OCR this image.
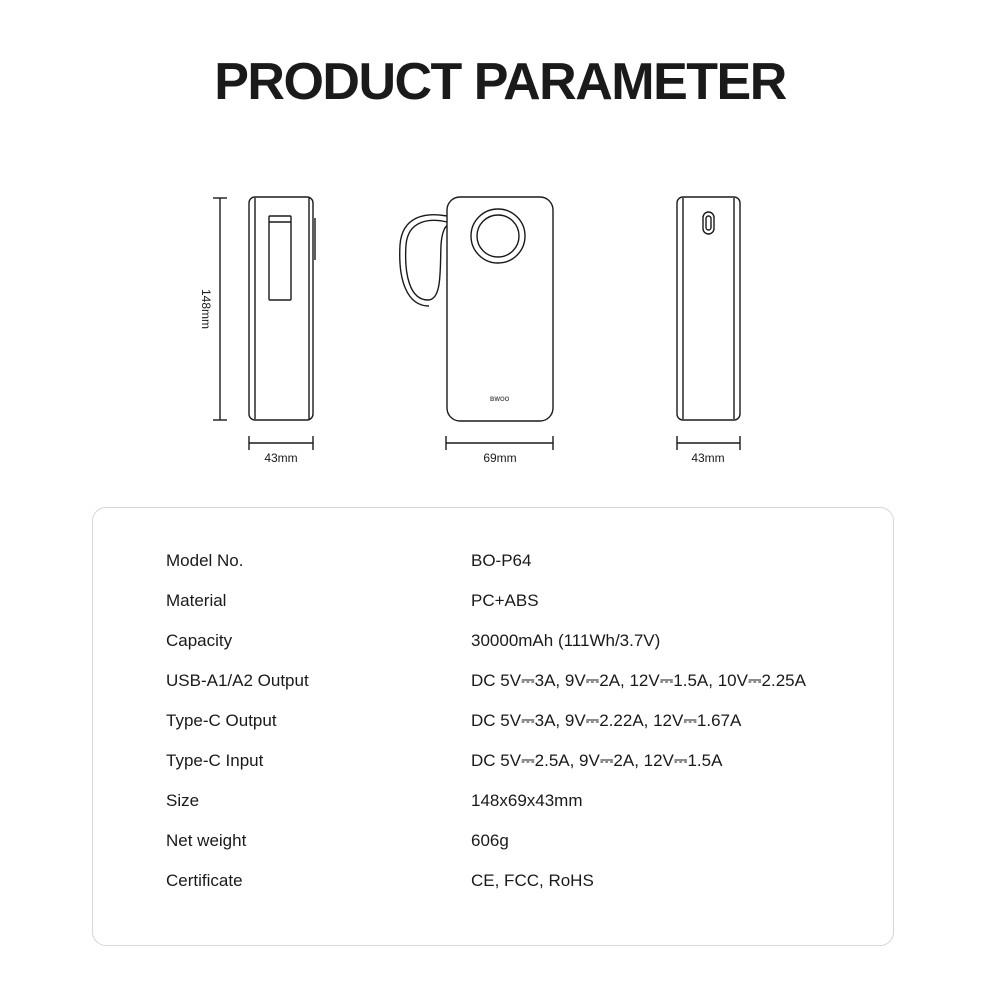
PRODUCT PARAMETER
BWOO
148mm
43mm	69mm	43mm
Model No.	BO-P64
Material	PC+ABS
Capacity	30000mAh (111Wh/3.7V)
USB-A1/A2 Output	DC 5V⎓3A, 9V⎓2A, 12V⎓1.5A, 10V⎓2.25A
Type-C Output	DC 5V⎓3A, 9V⎓2.22A, 12V⎓1.67A
Type-C Input	DC 5V⎓2.5A, 9V⎓2A, 12V⎓1.5A
Size	148x69x43mm
Net weight	606g
Certificate	CE, FCC, RoHS
